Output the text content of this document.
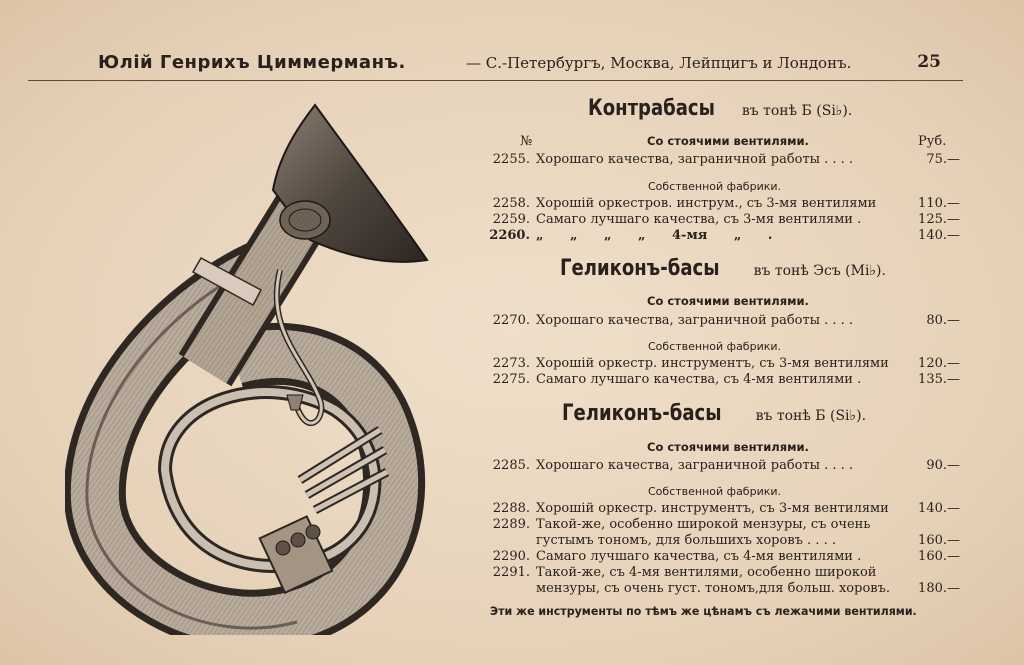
Юлій Генрихъ Циммерманъ.	— С.-Петербургъ, Москва, Лейпцигъ и Лондонъ.	25
Контрабасы въ тонѣ Б (Si♭).
№	Со стоячими вентилями.	Руб.
2255. Хорошаго качества, заграничной работы . . . .	75.—
Собственной фабрики.
2258. Хорошій оркестров. инструм., съ 3-мя вентилями	110.—
2259. Самаго лучшаго качества, съ 3-мя вентилями .	125.—
2260. „ „ „ „ 4-мя „ .	140.—
Геликонъ-басы въ тонѣ Эсъ (Mi♭).
Со стоячими вентилями.
2270. Хорошаго качества, заграничной работы . . . .	80.—
Собственной фабрики.
2273. Хорошій оркестр. инструментъ, съ 3-мя вентилями 120.—
2275. Самаго лучшаго качества, съ 4-мя вентилями .	135.—
Геликонъ-басы въ тонѣ Б (Si♭).
Со стоячими вентилями.
2285. Хорошаго качества, заграничной работы . . . .	90.—
Собственной фабрики.
2288. Хорошій оркестр. инструментъ, съ 3-мя вентилями 140.—
2289. Такой-же, особенно широкой мензуры, съ очень
густымъ тономъ, для большихъ хоровъ . . . .	160.—
2290. Самаго лучшаго качества, съ 4-мя вентилями .	160.—
2291. Такой-же, съ 4-мя вентилями, особенно широкой
мензуры, съ очень густ. тономъ,для больш. хоровъ. 180.—
Эти же инструменты по тѣмъ же цѣнамъ съ лежачими вентилями.
